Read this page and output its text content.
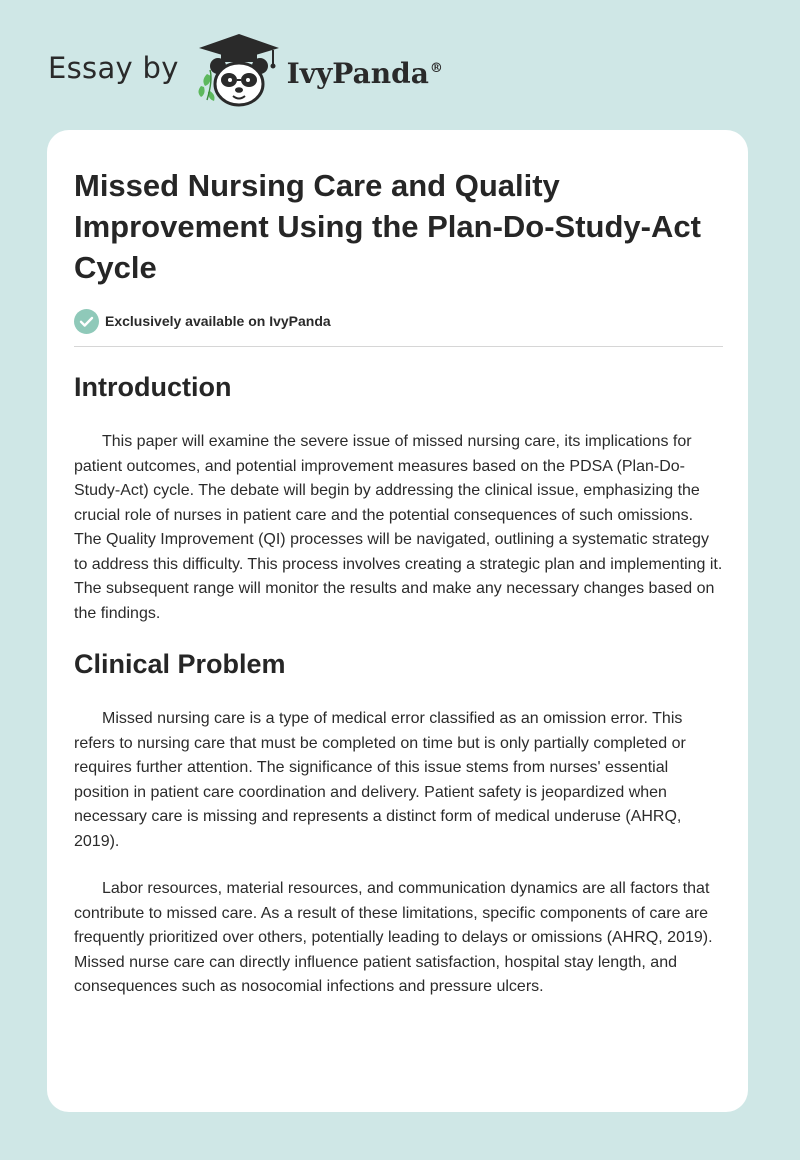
Essay by	IvyPanda®
Missed Nursing Care and Quality Improvement Using the Plan-Do-Study-Act Cycle
Exclusively available on IvyPanda
Introduction

This paper will examine the severe issue of missed nursing care, its implications for patient outcomes, and potential improvement measures based on the PDSA (Plan-Do-Study-Act) cycle. The debate will begin by addressing the clinical issue, emphasizing the crucial role of nurses in patient care and the potential consequences of such omissions. The Quality Improvement (QI) processes will be navigated, outlining a systematic strategy to address this difficulty. This process involves creating a strategic plan and implementing it. The subsequent range will monitor the results and make any necessary changes based on the findings.

Clinical Problem

Missed nursing care is a type of medical error classified as an omission error. This refers to nursing care that must be completed on time but is only partially completed or requires further attention. The significance of this issue stems from nurses' essential position in patient care coordination and delivery. Patient safety is jeopardized when necessary care is missing and represents a distinct form of medical underuse (AHRQ, 2019).

Labor resources, material resources, and communication dynamics are all factors that contribute to missed care. As a result of these limitations, specific components of care are frequently prioritized over others, potentially leading to delays or omissions (AHRQ, 2019). Missed nurse care can directly influence patient satisfaction, hospital stay length, and consequences such as nosocomial infections and pressure ulcers.
